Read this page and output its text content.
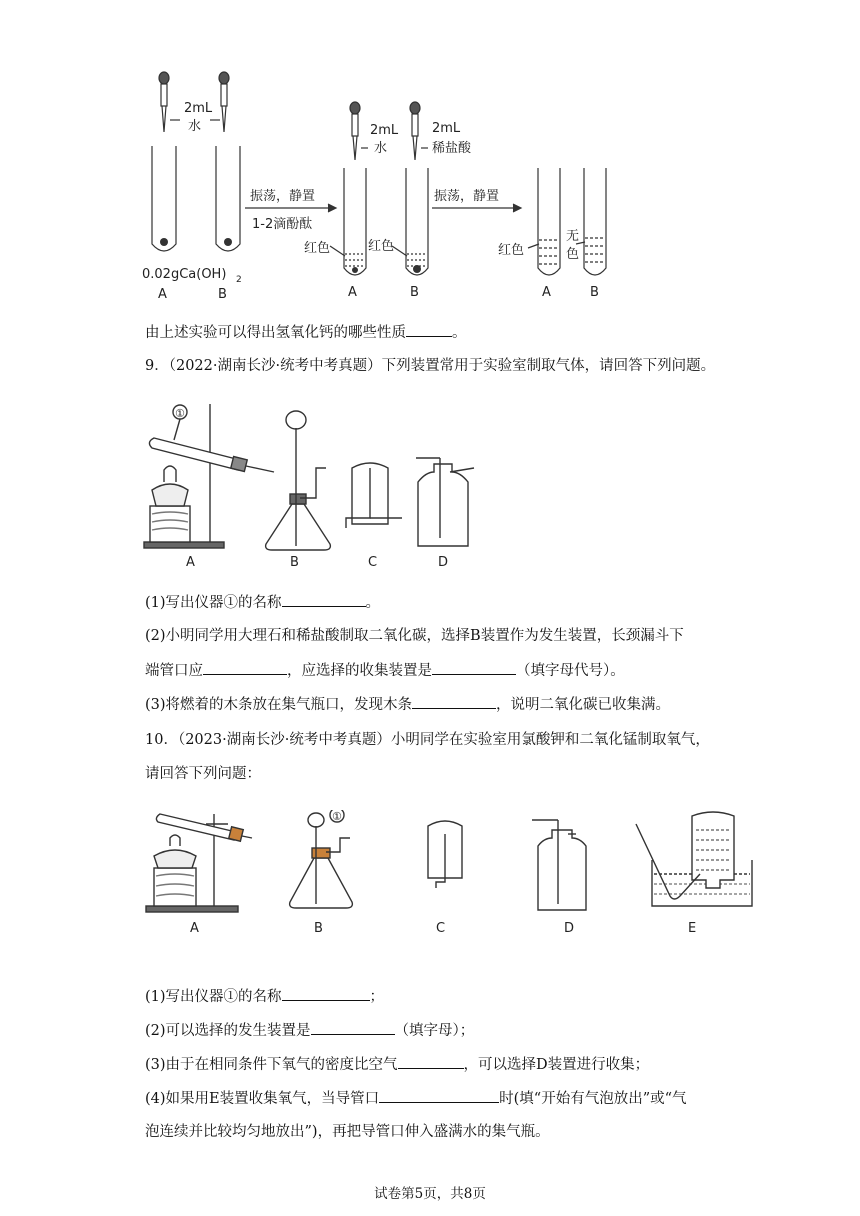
2mL
水
振荡，静置
1-2滴酚酞
2mL
水
2mL
稀盐酸
振荡，静置
0.02gCa(OH) 2
红色	红色	红色
无
色
A	B	A	B	A	B
由上述实验可以得出氢氧化钙的哪些性质	。
9．（2022·湖南长沙·统考中考真题）下列装置常用于实验室制取气体，请回答下列问题。
①
A	B	C	D
(1)写出仪器①的名称	。
(2)小明同学用大理石和稀盐酸制取二氧化碳，选择B装置作为发生装置，长颈漏斗下
端管口应	，应选择的收集装置是	（填字母代号）。
(3)将燃着的木条放在集气瓶口，发现木条	，说明二氧化碳已收集满。
10．（2023·湖南长沙·统考中考真题）小明同学在实验室用氯酸钾和二氧化锰制取氧气，
请回答下列问题：
①
A	B	C	D	E
(1)写出仪器①的名称	；
(2)可以选择的发生装置是	（填字母）；
(3)由于在相同条件下氧气的密度比空气	，可以选择D装置进行收集；
(4)如果用E装置收集氧气，当导管口	时(填“开始有气泡放出”或“气
泡连续并比较均匀地放出”)，再把导管口伸入盛满水的集气瓶。
试卷第5页，共8页
